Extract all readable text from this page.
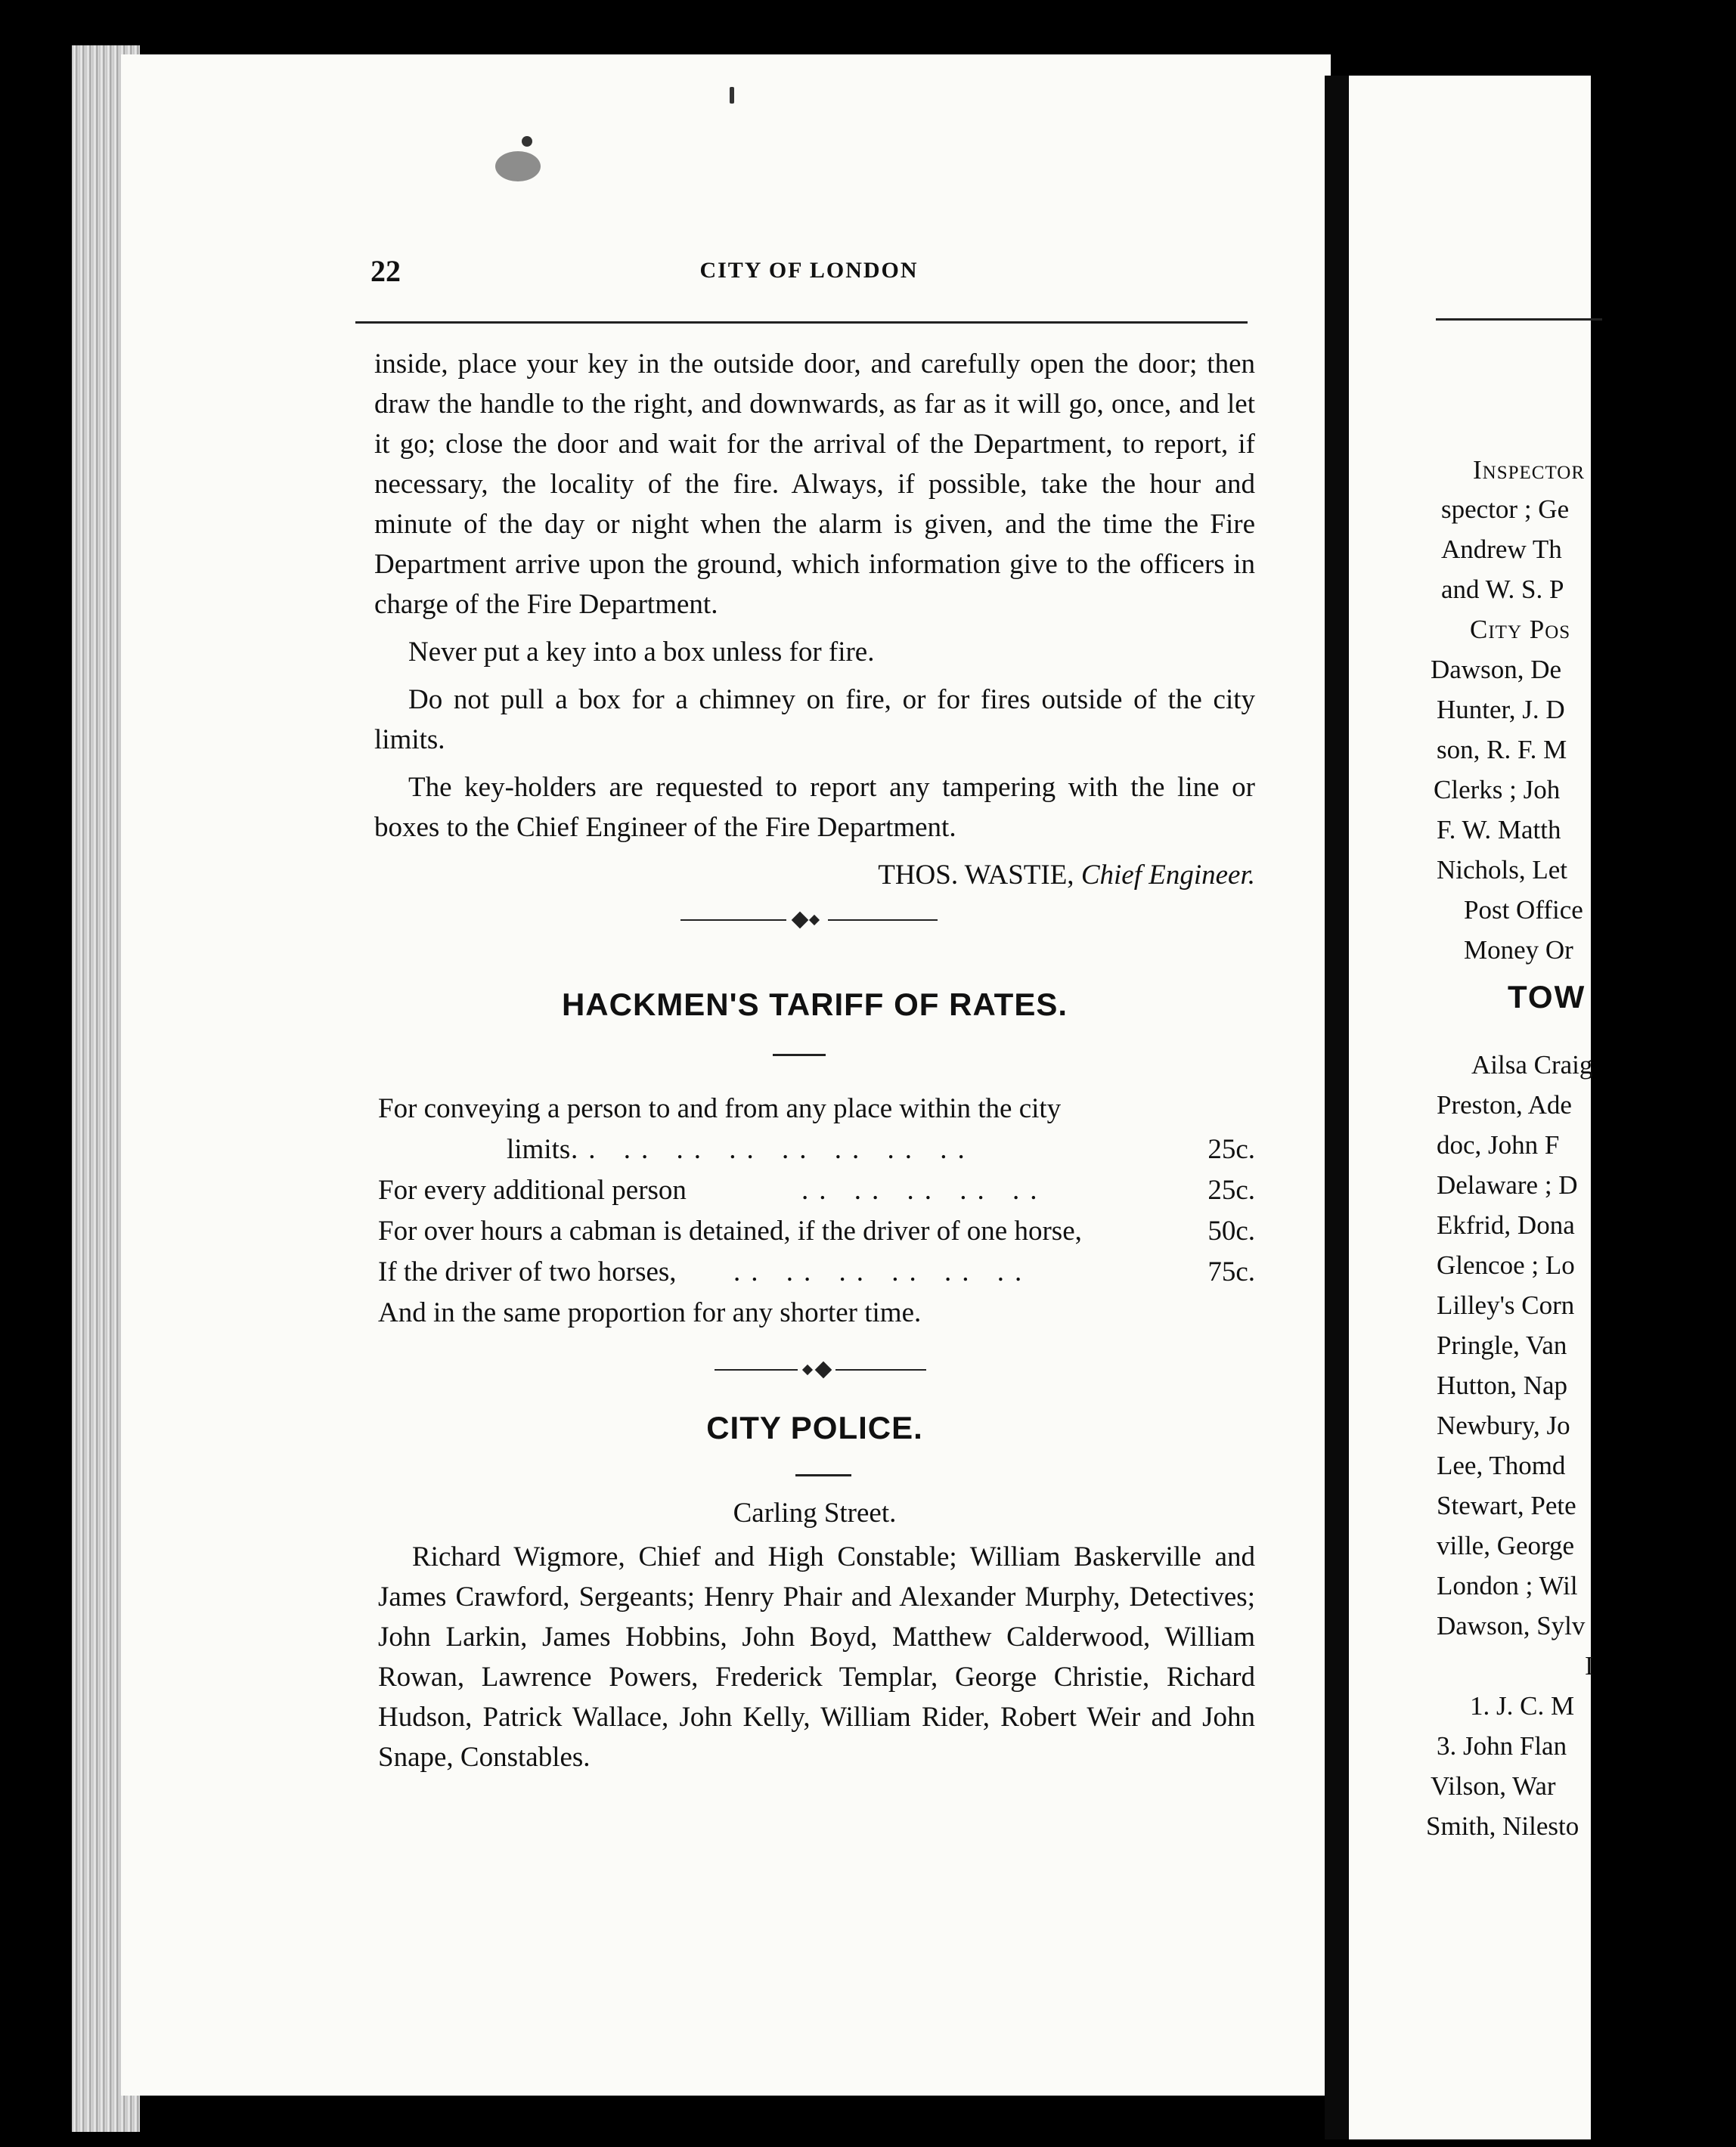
22	CITY OF LONDON

inside, place your key in the outside door, and carefully open the door; then draw the handle to the right, and downwards, as far as it will go, once, and let it go; close the door and wait for the arrival of the Department, to report, if necessary, the locality of the fire. Always, if possible, take the hour and minute of the day or night when the alarm is given, and the time the Fire Department arrive upon the ground, which information give to the officers in charge of the Fire Department.

Never put a key into a box unless for fire.

Do not pull a box for a chimney on fire, or for fires outside of the city limits.

The key-holders are requested to report any tampering with the line or boxes to the Chief Engineer of the Fire Department.

THOS. WASTIE, Chief Engineer.
HACKMEN'S TARIFF OF RATES.
For conveying a person to and from any place within the city
limits .. .. .. .. .. .. .. ..	25c.
For every additional person	.. .. .. .. ..	25c.
For over hours a cabman is detained, if the driver of one horse,	50c.
If the driver of two horses, .. .. .. .. .. ..	75c.
And in the same proportion for any shorter time.
CITY POLICE.
Carling Street.
Richard Wigmore, Chief and High Constable; William Baskerville and James Crawford, Sergeants; Henry Phair and Alexander Murphy, Detectives; John Larkin, James Hobbins, John Boyd, Matthew Calderwood, William Rowan, Lawrence Powers, Frederick Templar, George Christie, Richard Hudson, Patrick Wallace, John Kelly, William Rider, Robert Weir and John Snape, Constables.
Inspector
spector ; Ge
Andrew Th
and W. S. P
City Pos
Dawson, De
Hunter, J. D
son, R. F. M
Clerks ; Joh
F. W. Matth
Nichols, Let
Post Office
Money Or
TOW
Ailsa Craig
Preston, Ade
doc, John F
Delaware ; D
Ekfrid, Dona
Glencoe ; Lo
Lilley's Corn
Pringle, Van
Hutton, Nap
Newbury, Jo
Lee, Thomd
Stewart, Pete
ville, George
London ; Wil
Dawson, Sylv
I
1. J. C. M
3. John Flan
Vilson, War
Smith, Nilesto
